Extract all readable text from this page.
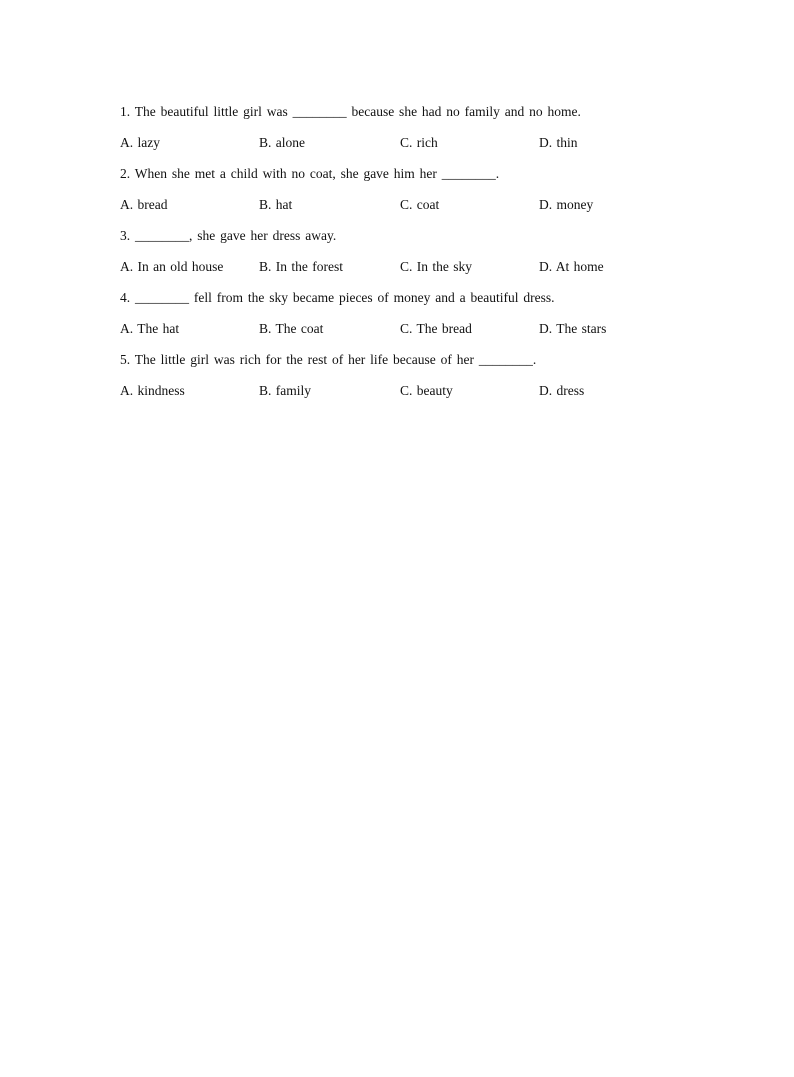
1. The beautiful little girl was ________ because she had no family and no home.
A. lazy	B. alone	C. rich	D. thin
2. When she met a child with no coat, she gave him her ________.
A. bread	B. hat	C. coat	D. money
3. ________, she gave her dress away.
A. In an old house	B. In the forest	C. In the sky	D. At home
4. ________ fell from the sky became pieces of money and a beautiful dress.
A. The hat	B. The coat	C. The bread	D. The stars
5. The little girl was rich for the rest of her life because of her ________.
A. kindness	B. family	C. beauty	D. dress
